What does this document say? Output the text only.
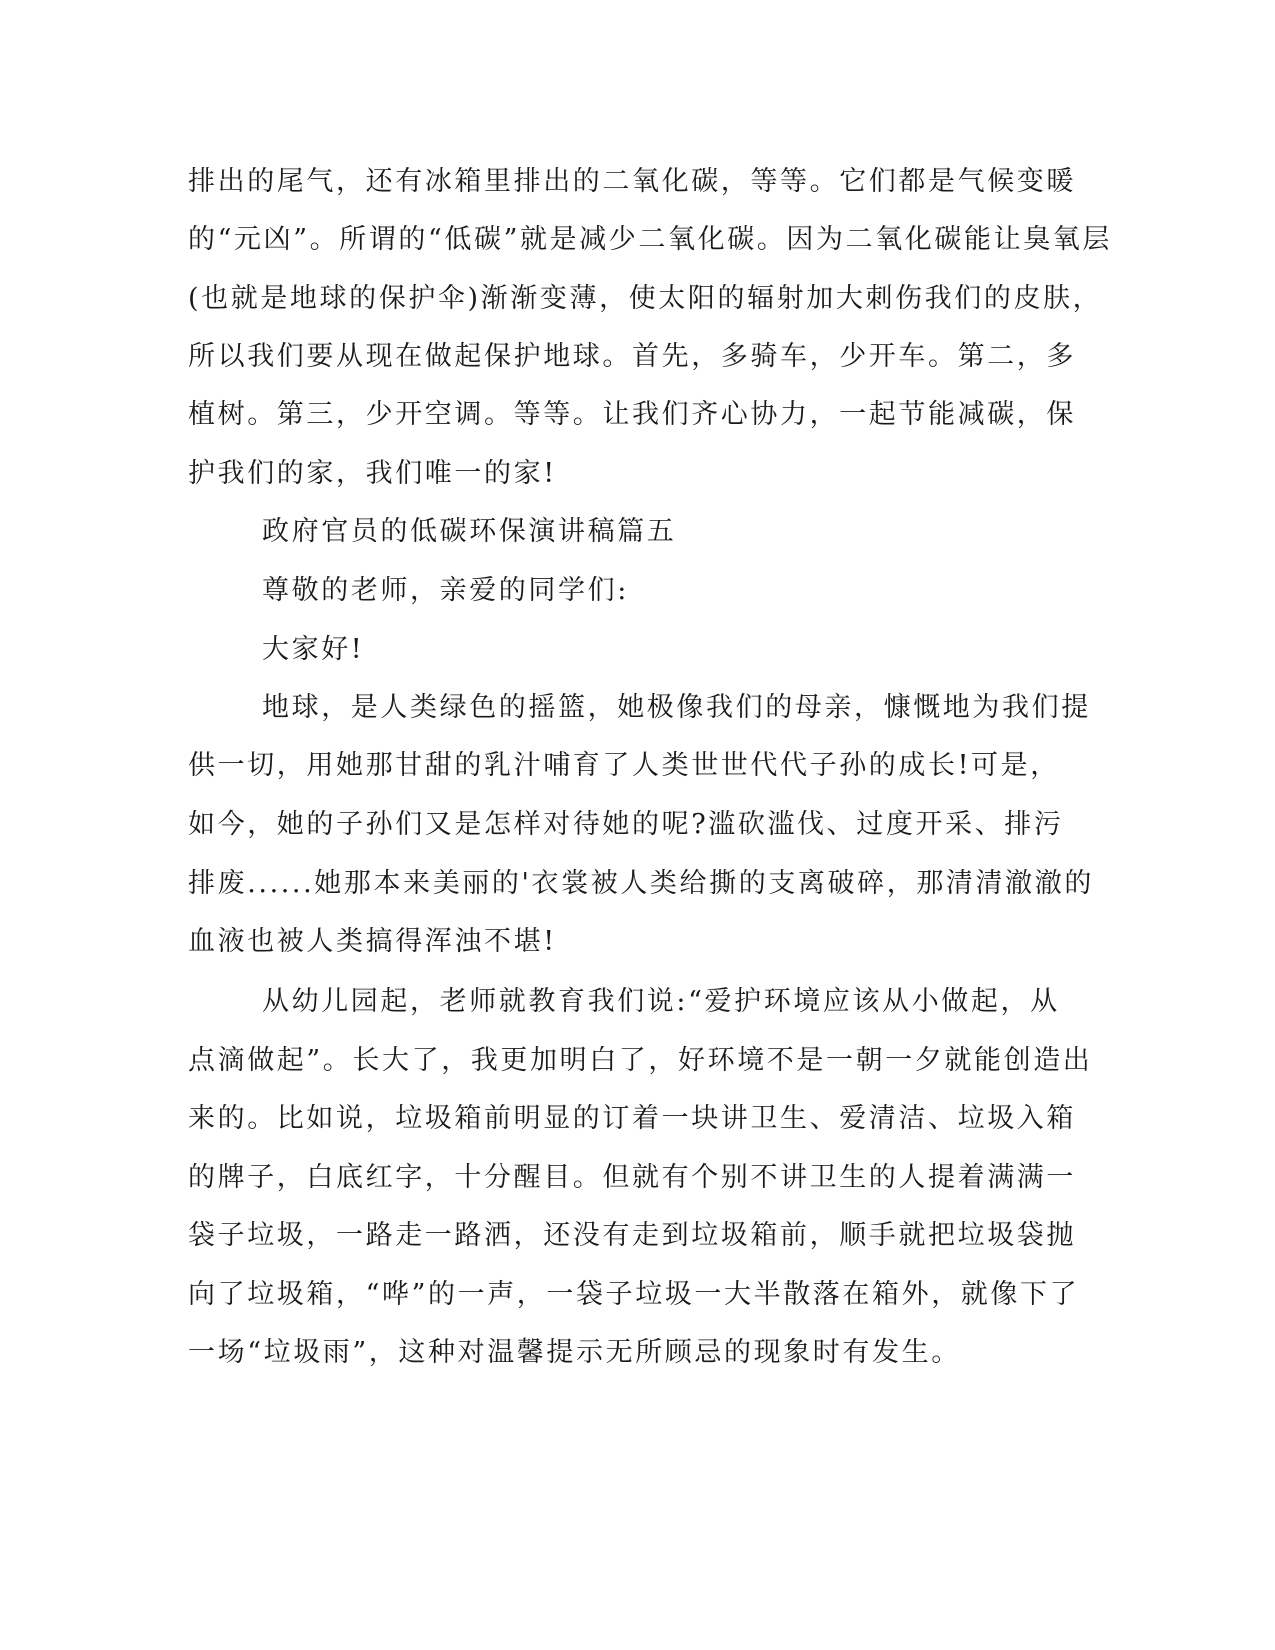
排出的尾气，还有冰箱里排出的二氧化碳，等等。它们都是气候变暖
的“元凶”。所谓的“低碳”就是减少二氧化碳。因为二氧化碳能让臭氧层
(也就是地球的保护伞)渐渐变薄，使太阳的辐射加大刺伤我们的皮肤，
所以我们要从现在做起保护地球。首先，多骑车，少开车。第二，多
植树。第三，少开空调。等等。让我们齐心协力，一起节能减碳，保
护我们的家，我们唯一的家!
政府官员的低碳环保演讲稿篇五
尊敬的老师，亲爱的同学们:
大家好!
地球，是人类绿色的摇篮，她极像我们的母亲，慷慨地为我们提
供一切，用她那甘甜的乳汁哺育了人类世世代代子孙的成长!可是，
如今，她的子孙们又是怎样对待她的呢?滥砍滥伐、过度开采、排污
排废......她那本来美丽的'衣裳被人类给撕的支离破碎，那清清澈澈的
血液也被人类搞得浑浊不堪!
从幼儿园起，老师就教育我们说:“爱护环境应该从小做起，从
点滴做起”。长大了，我更加明白了，好环境不是一朝一夕就能创造出
来的。比如说，垃圾箱前明显的订着一块讲卫生、爱清洁、垃圾入箱
的牌子，白底红字，十分醒目。但就有个别不讲卫生的人提着满满一
袋子垃圾，一路走一路洒，还没有走到垃圾箱前，顺手就把垃圾袋抛
向了垃圾箱，“哗”的一声，一袋子垃圾一大半散落在箱外，就像下了
一场“垃圾雨”，这种对温馨提示无所顾忌的现象时有发生。
